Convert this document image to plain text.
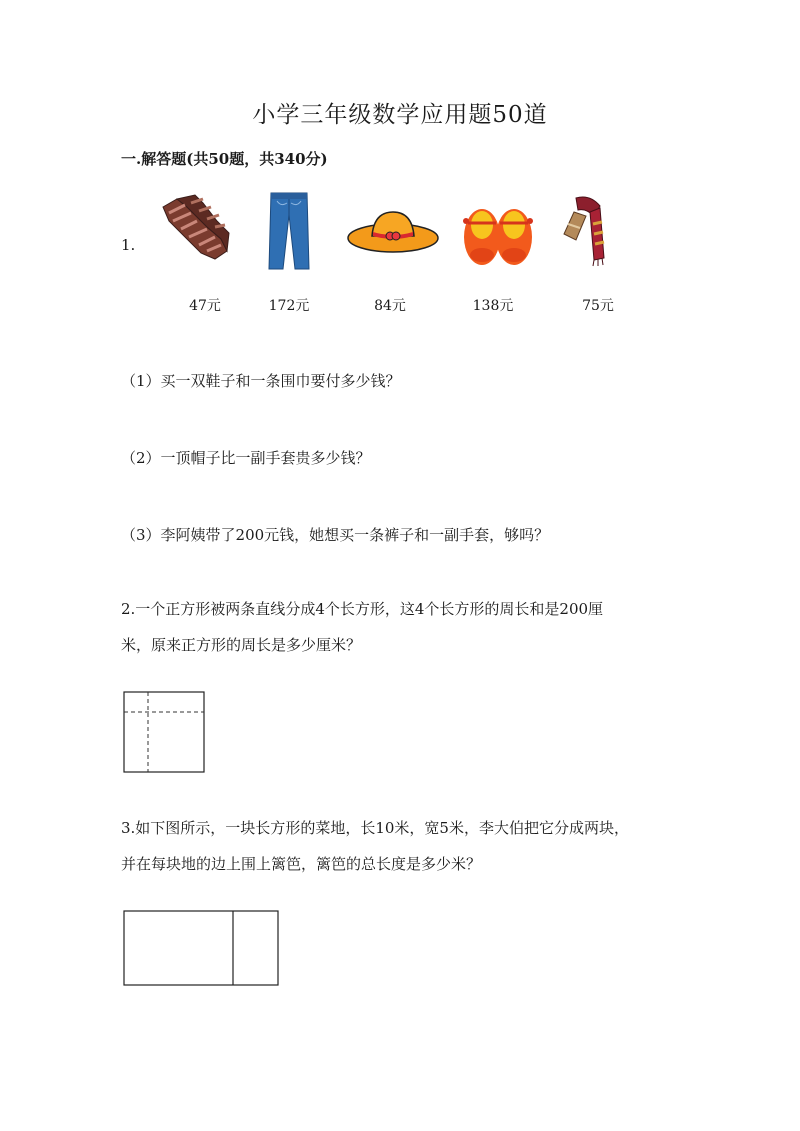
小学三年级数学应用题50道
一.解答题(共50题，共340分)
1.
47元	172元	84元	138元	75元
（1）买一双鞋子和一条围巾要付多少钱？
（2）一顶帽子比一副手套贵多少钱？
（3）李阿姨带了200元钱，她想买一条裤子和一副手套，够吗？
2.一个正方形被两条直线分成4个长方形，这4个长方形的周长和是200厘
米，原来正方形的周长是多少厘米？
3.如下图所示，一块长方形的菜地，长10米，宽5米，李大伯把它分成两块，
并在每块地的边上围上篱笆，篱笆的总长度是多少米？
